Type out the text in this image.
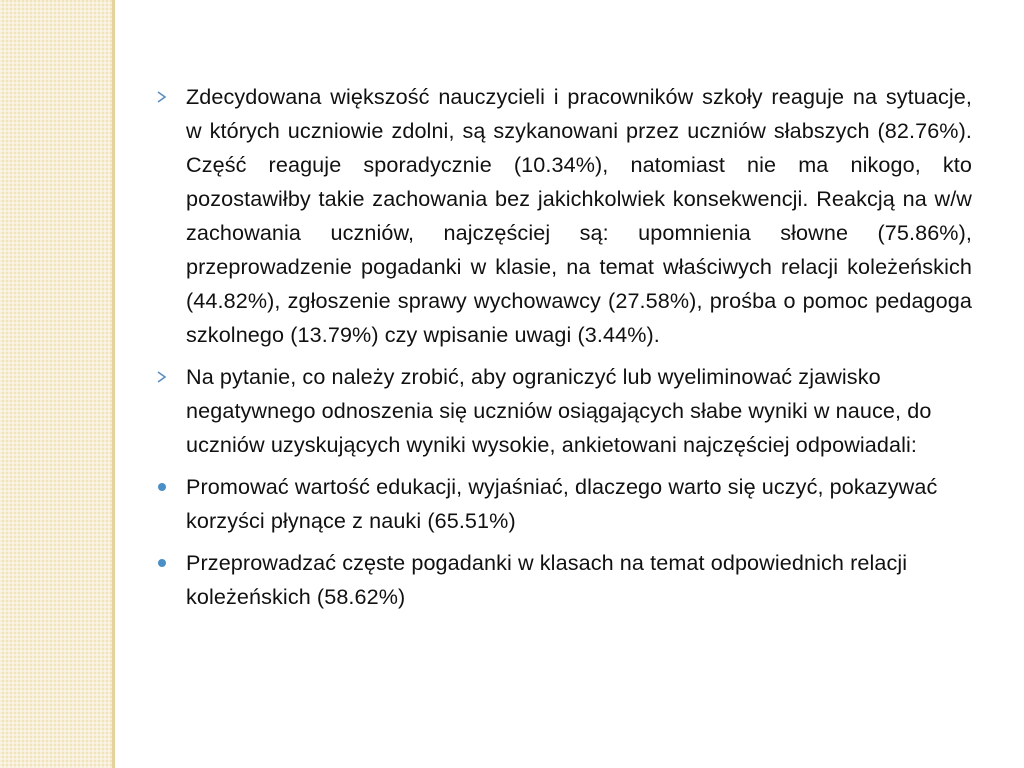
Zdecydowana większość nauczycieli i pracowników szkoły reaguje na sytuacje, w których uczniowie zdolni, są szykanowani przez uczniów słabszych (82.76%). Część reaguje sporadycznie (10.34%), natomiast nie ma nikogo, kto pozostawiłby takie zachowania bez jakichkolwiek konsekwencji. Reakcją na w/w zachowania uczniów, najczęściej są: upomnienia słowne (75.86%), przeprowadzenie pogadanki w klasie, na temat właściwych relacji koleżeńskich (44.82%), zgłoszenie sprawy wychowawcy (27.58%), prośba o pomoc pedagoga szkolnego (13.79%) czy wpisanie uwagi (3.44%).
Na pytanie, co należy zrobić, aby ograniczyć lub wyeliminować zjawisko negatywnego odnoszenia się uczniów osiągających słabe wyniki w nauce, do uczniów uzyskujących wyniki wysokie, ankietowani najczęściej odpowiadali:
Promować wartość edukacji, wyjaśniać, dlaczego warto się uczyć, pokazywać korzyści płynące z nauki (65.51%)
Przeprowadzać częste pogadanki w klasach na temat odpowiednich relacji koleżeńskich (58.62%)
